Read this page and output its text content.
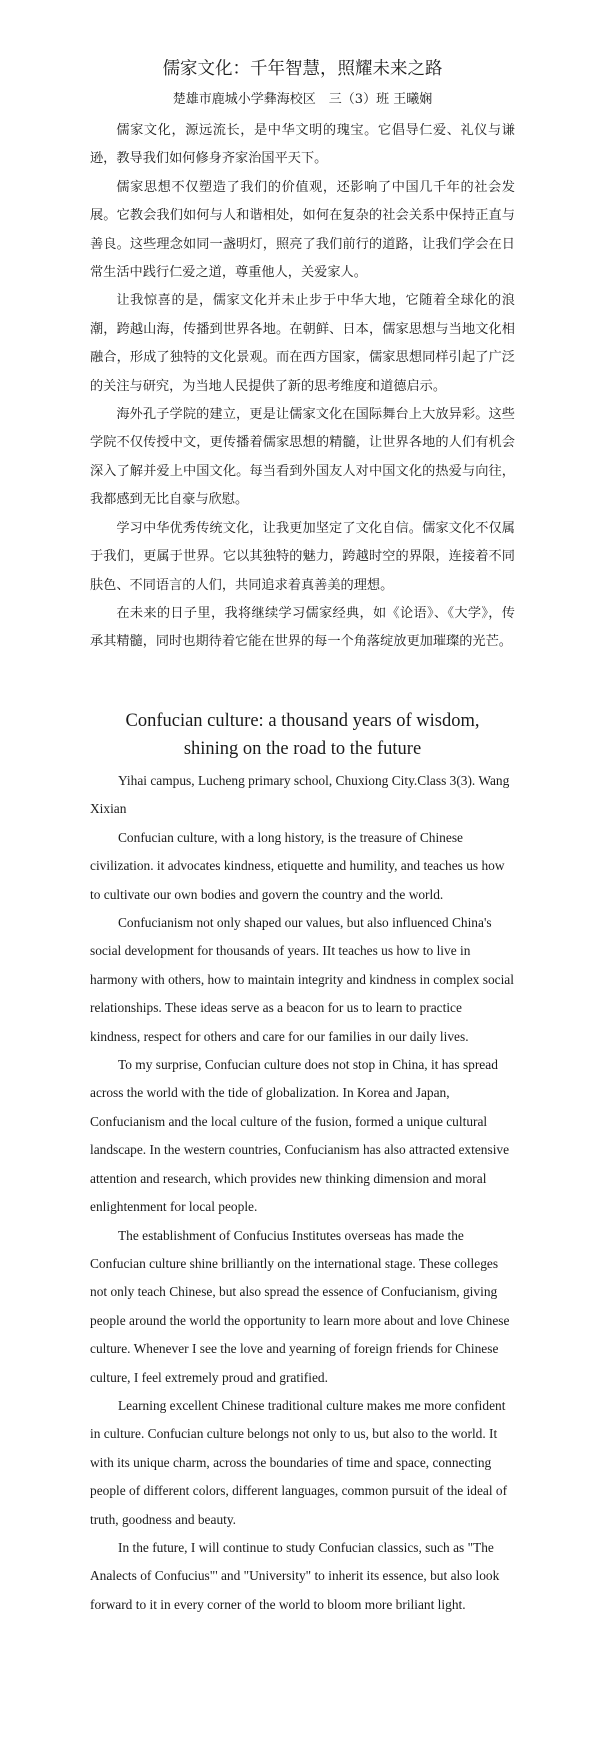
儒家文化：千年智慧，照耀未来之路
楚雄市鹿城小学彝海校区　三（3）班 王曦娴

儒家文化，源远流长，是中华文明的瑰宝。它倡导仁爱、礼仪与谦逊，教导我们如何修身齐家治国平天下。

儒家思想不仅塑造了我们的价值观，还影响了中国几千年的社会发展。它教会我们如何与人和谐相处，如何在复杂的社会关系中保持正直与善良。这些理念如同一盏明灯，照亮了我们前行的道路，让我们学会在日常生活中践行仁爱之道，尊重他人，关爱家人。

让我惊喜的是，儒家文化并未止步于中华大地，它随着全球化的浪潮，跨越山海，传播到世界各地。在朝鲜、日本，儒家思想与当地文化相融合，形成了独特的文化景观。而在西方国家，儒家思想同样引起了广泛的关注与研究，为当地人民提供了新的思考维度和道德启示。

海外孔子学院的建立，更是让儒家文化在国际舞台上大放异彩。这些学院不仅传授中文，更传播着儒家思想的精髓，让世界各地的人们有机会深入了解并爱上中国文化。每当看到外国友人对中国文化的热爱与向往，我都感到无比自豪与欣慰。

学习中华优秀传统文化，让我更加坚定了文化自信。儒家文化不仅属于我们，更属于世界。它以其独特的魅力，跨越时空的界限，连接着不同肤色、不同语言的人们，共同追求着真善美的理想。

在未来的日子里，我将继续学习儒家经典，如《论语》、《大学》，传承其精髓，同时也期待着它能在世界的每一个角落绽放更加璀璨的光芒。

Confucian culture: a thousand years of wisdom,
shining on the road to the future

Yihai campus, Lucheng primary school, Chuxiong City.Class 3(3). Wang Xixian

Confucian culture, with a long history, is the treasure of Chinese civilization. it advocates kindness, etiquette and humility, and teaches us how to cultivate our own bodies and govern the country and the world.

Confucianism not only shaped our values, but also influenced China's social development for thousands of years. IIt teaches us how to live in harmony with others, how to maintain integrity and kindness in complex social relationships. These ideas serve as a beacon for us to learn to practice kindness, respect for others and care for our families in our daily lives.

To my surprise, Confucian culture does not stop in China, it has spread across the world with the tide of globalization. In Korea and Japan, Confucianism and the local culture of the fusion, formed a unique cultural landscape. In the western countries, Confucianism has also attracted extensive attention and research, which provides new thinking dimension and moral enlightenment for local people.

The establishment of Confucius Institutes overseas has made the Confucian culture shine brilliantly on the international stage. These colleges not only teach Chinese, but also spread the essence of Confucianism, giving people around the world the opportunity to learn more about and love Chinese culture. Whenever I see the love and yearning of foreign friends for Chinese culture, I feel extremely proud and gratified.

Learning excellent Chinese traditional culture makes me more confident in culture. Confucian culture belongs not only to us, but also to the world. It with its unique charm, across the boundaries of time and space, connecting people of different colors, different languages, common pursuit of the ideal of truth, goodness and beauty.

In the future, I will continue to study Confucian classics, such as "The Analects of Confucius"' and "University" to inherit its essence, but also look forward to it in every corner of the world to bloom more briliant light.
